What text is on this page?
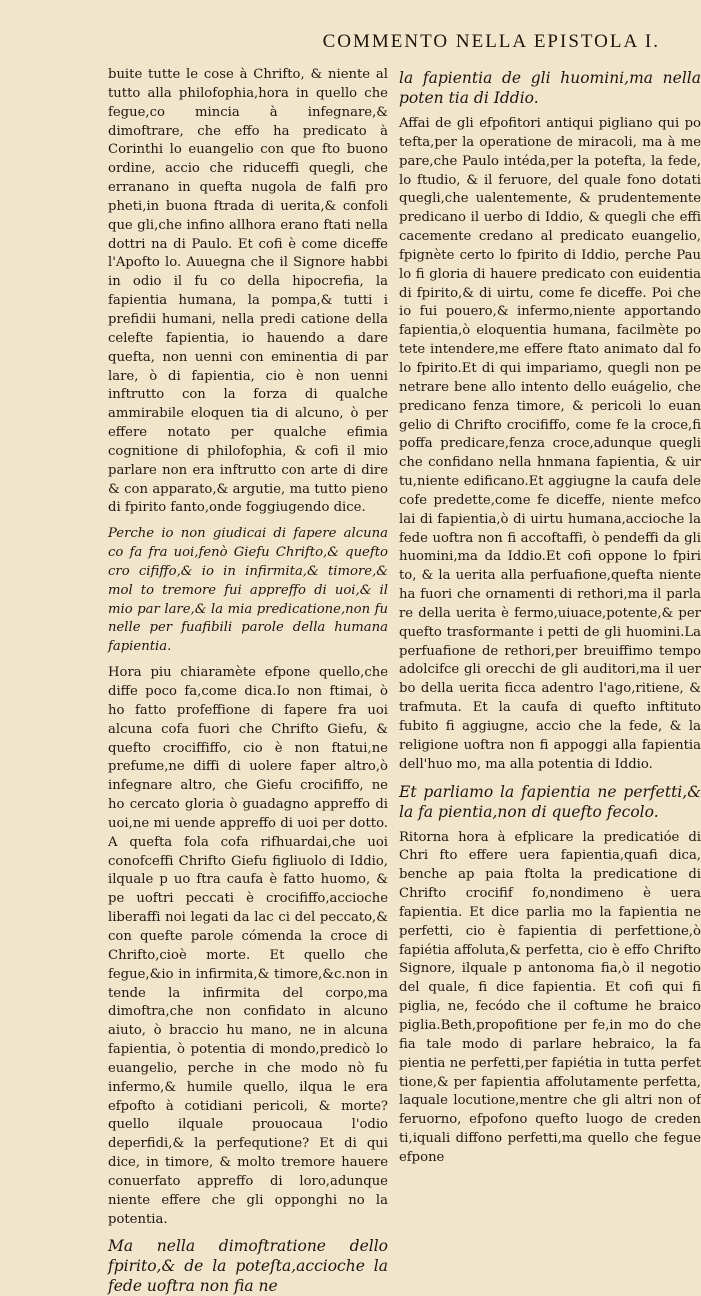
COMMENTO NELLA EPISTOLA I.

buite tutte le cose à Chrifto, & niente al tutto alla philofophia,hora in quello che fegue,co mincia à infegnare,& dimoftrare, che effo ha predicato à Corinthi lo euangelio con que fto buono ordine, accio che riduceffi quegli, che erranano in quefta nugola de falfi pro pheti,in buona ftrada di uerita,& confoli que gli,che infino allhora erano ftati nella dottri na di Paulo. Et cofi è come diceffe l'Apofto lo. Auuegna che il Signore habbi in odio il fu co della hipocrefia, la fapientia humana, la pompa,& tutti i prefidii humani, nella predi catione della celefte fapientia, io hauendo a dare quefta, non uenni con eminentia di par lare, ò di fapientia, cio è non uenni inftrutto con la forza di qualche ammirabile eloquen tia di alcuno, ò per effere notato per qualche efimia cognitione di philofophia, & cofi il mio parlare non era inftrutto con arte di dire & con apparato,& argutie, ma tutto pieno di fpirito fanto,onde foggiugendo dice.

Perche io non giudicai di fapere alcuna co fa fra uoi,fenò Giefu Chrifto,& quefto cro cififfo,& io in infirmita,& timore,& mol to tremore fui appreffo di uoi,& il mio par lare,& la mia predicatione,non fu nelle per fuafibili parole della humana fapientia.

Hora piu chiaramète efpone quello,che diffe poco fa,come dica.Io non ftimai, ò ho fatto profeffione di fapere fra uoi alcuna cofa fuori che Chrifto Giefu, & quefto crociffiffo, cio è non ftatui,ne prefume,ne diffi di uolere faper altro,ò infegnare altro, che Giefu crocififfo, ne ho cercato gloria ò guadagno appreffo di uoi,ne mi uende appreffo di uoi per dotto. A quefta fola cofa rifhuardai,che uoi conofceffi Chrifto Giefu figliuolo di Iddio, ilquale p uo ftra caufa è fatto huomo, & pe uoftri peccati è crocififfo,accioche liberaffi noi legati da lac ci del peccato,& con quefte parole cómenda la croce di Chrifto,cioè morte. Et quello che fegue,&io in infirmita,& timore,&c.non in tende la infirmita del corpo,ma dimoftra,che non confidato in alcuno aiuto, ò braccio hu mano, ne in alcuna fapientia, ò potentia di mondo,predicò lo euangelio, perche in che modo nò fu infermo,& humile quello, ilqua le era efpofto à cotidiani pericoli, & morte? quello ilquale prouocaua l'odio deperfidi,& la perfequtione? Et di qui dice, in timore, & molto tremore hauere conuerfato appreffo di loro,adunque niente effere che gli opponghi no la potentia.

Ma nella dimoftratione dello fpirito,& de la poteſta,accioche la fede uoftra non fia ne

la fapientia de gli huomini,ma nella poten tia di Iddio.

Affai de gli efpofitori antiqui pigliano qui po tefta,per la operatione de miracoli, ma à me pare,che Paulo intéda,per la potefta, la fede, lo ftudio, & il feruore, del quale fono dotati quegli,che ualentemente, & prudentemente predicano il uerbo di Iddio, & quegli che effi cacemente credano al predicato euangelio, fpignète certo lo fpirito di Iddio, perche Pau lo fi gloria di hauere predicato con euidentia di fpirito,& di uirtu, come fe diceffe. Poi che io fui pouero,& infermo,niente apportando fapientia,ò eloquentia humana, facilmète po tete intendere,me effere ftato animato dal fo lo fpirito.Et di qui impariamo, quegli non pe netrare bene allo intento dello euágelio, che predicano fenza timore, & pericoli lo euan gelio di Chrifto crocififfo, come fe la croce,fi poffa predicare,fenza croce,adunque quegli che confidano nella hnmana fapientia, & uir tu,niente edificano.Et aggiugne la caufa dele cofe predette,come fe diceffe, niente mefco lai di fapientia,ò di uirtu humana,accioche la fede uoftra non fi accoftaffi, ò pendeffi da gli huomini,ma da Iddio.Et cofi oppone lo fpiri to, & la uerita alla perfuafione,quefta niente ha fuori che ornamenti di rethori,ma il parla re della uerita è fermo,uiuace,potente,& per quefto trasformante i petti de gli huomini.La perfuafione de rethori,per breuiffimo tempo adolcifce gli orecchi de gli auditori,ma il uer bo della uerita ficca adentro l'ago,ritiene, & trafmuta. Et la caufa di quefto inftituto fubito fi aggiugne, accio che la fede, & la religione uoftra non fi appoggi alla fapientia dell'huo mo, ma alla potentia di Iddio.

Et parliamo la fapientia ne perfetti,& la fa pientia,non di quefto fecolo.

Ritorna hora à efplicare la predicatióe di Chri fto effere uera fapientia,quafi dica, benche ap paia ftolta la predicatione di Chrifto crocifif fo,nondimeno è uera fapientia. Et dice parlia mo la fapientia ne perfetti, cio è fapientia di perfettione,ò fapiétia affoluta,& perfetta, cio è effo Chrifto Signore, ilquale p antonoma fia,ò il negotio del quale, fi dice fapientia. Et cofi qui fi piglia, ne, fecódo che il coftume he braico piglia.Beth,propofitione per fe,in mo do che fia tale modo di parlare hebraico, la fa pientia ne perfetti,per fapiétia in tutta perfet tione,& per fapientia affolutamente perfetta, laquale locutione,mentre che gli altri non of feruorno, efpofono quefto luogo de creden ti,iquali diffono perfetti,ma quello che fegue efpone
